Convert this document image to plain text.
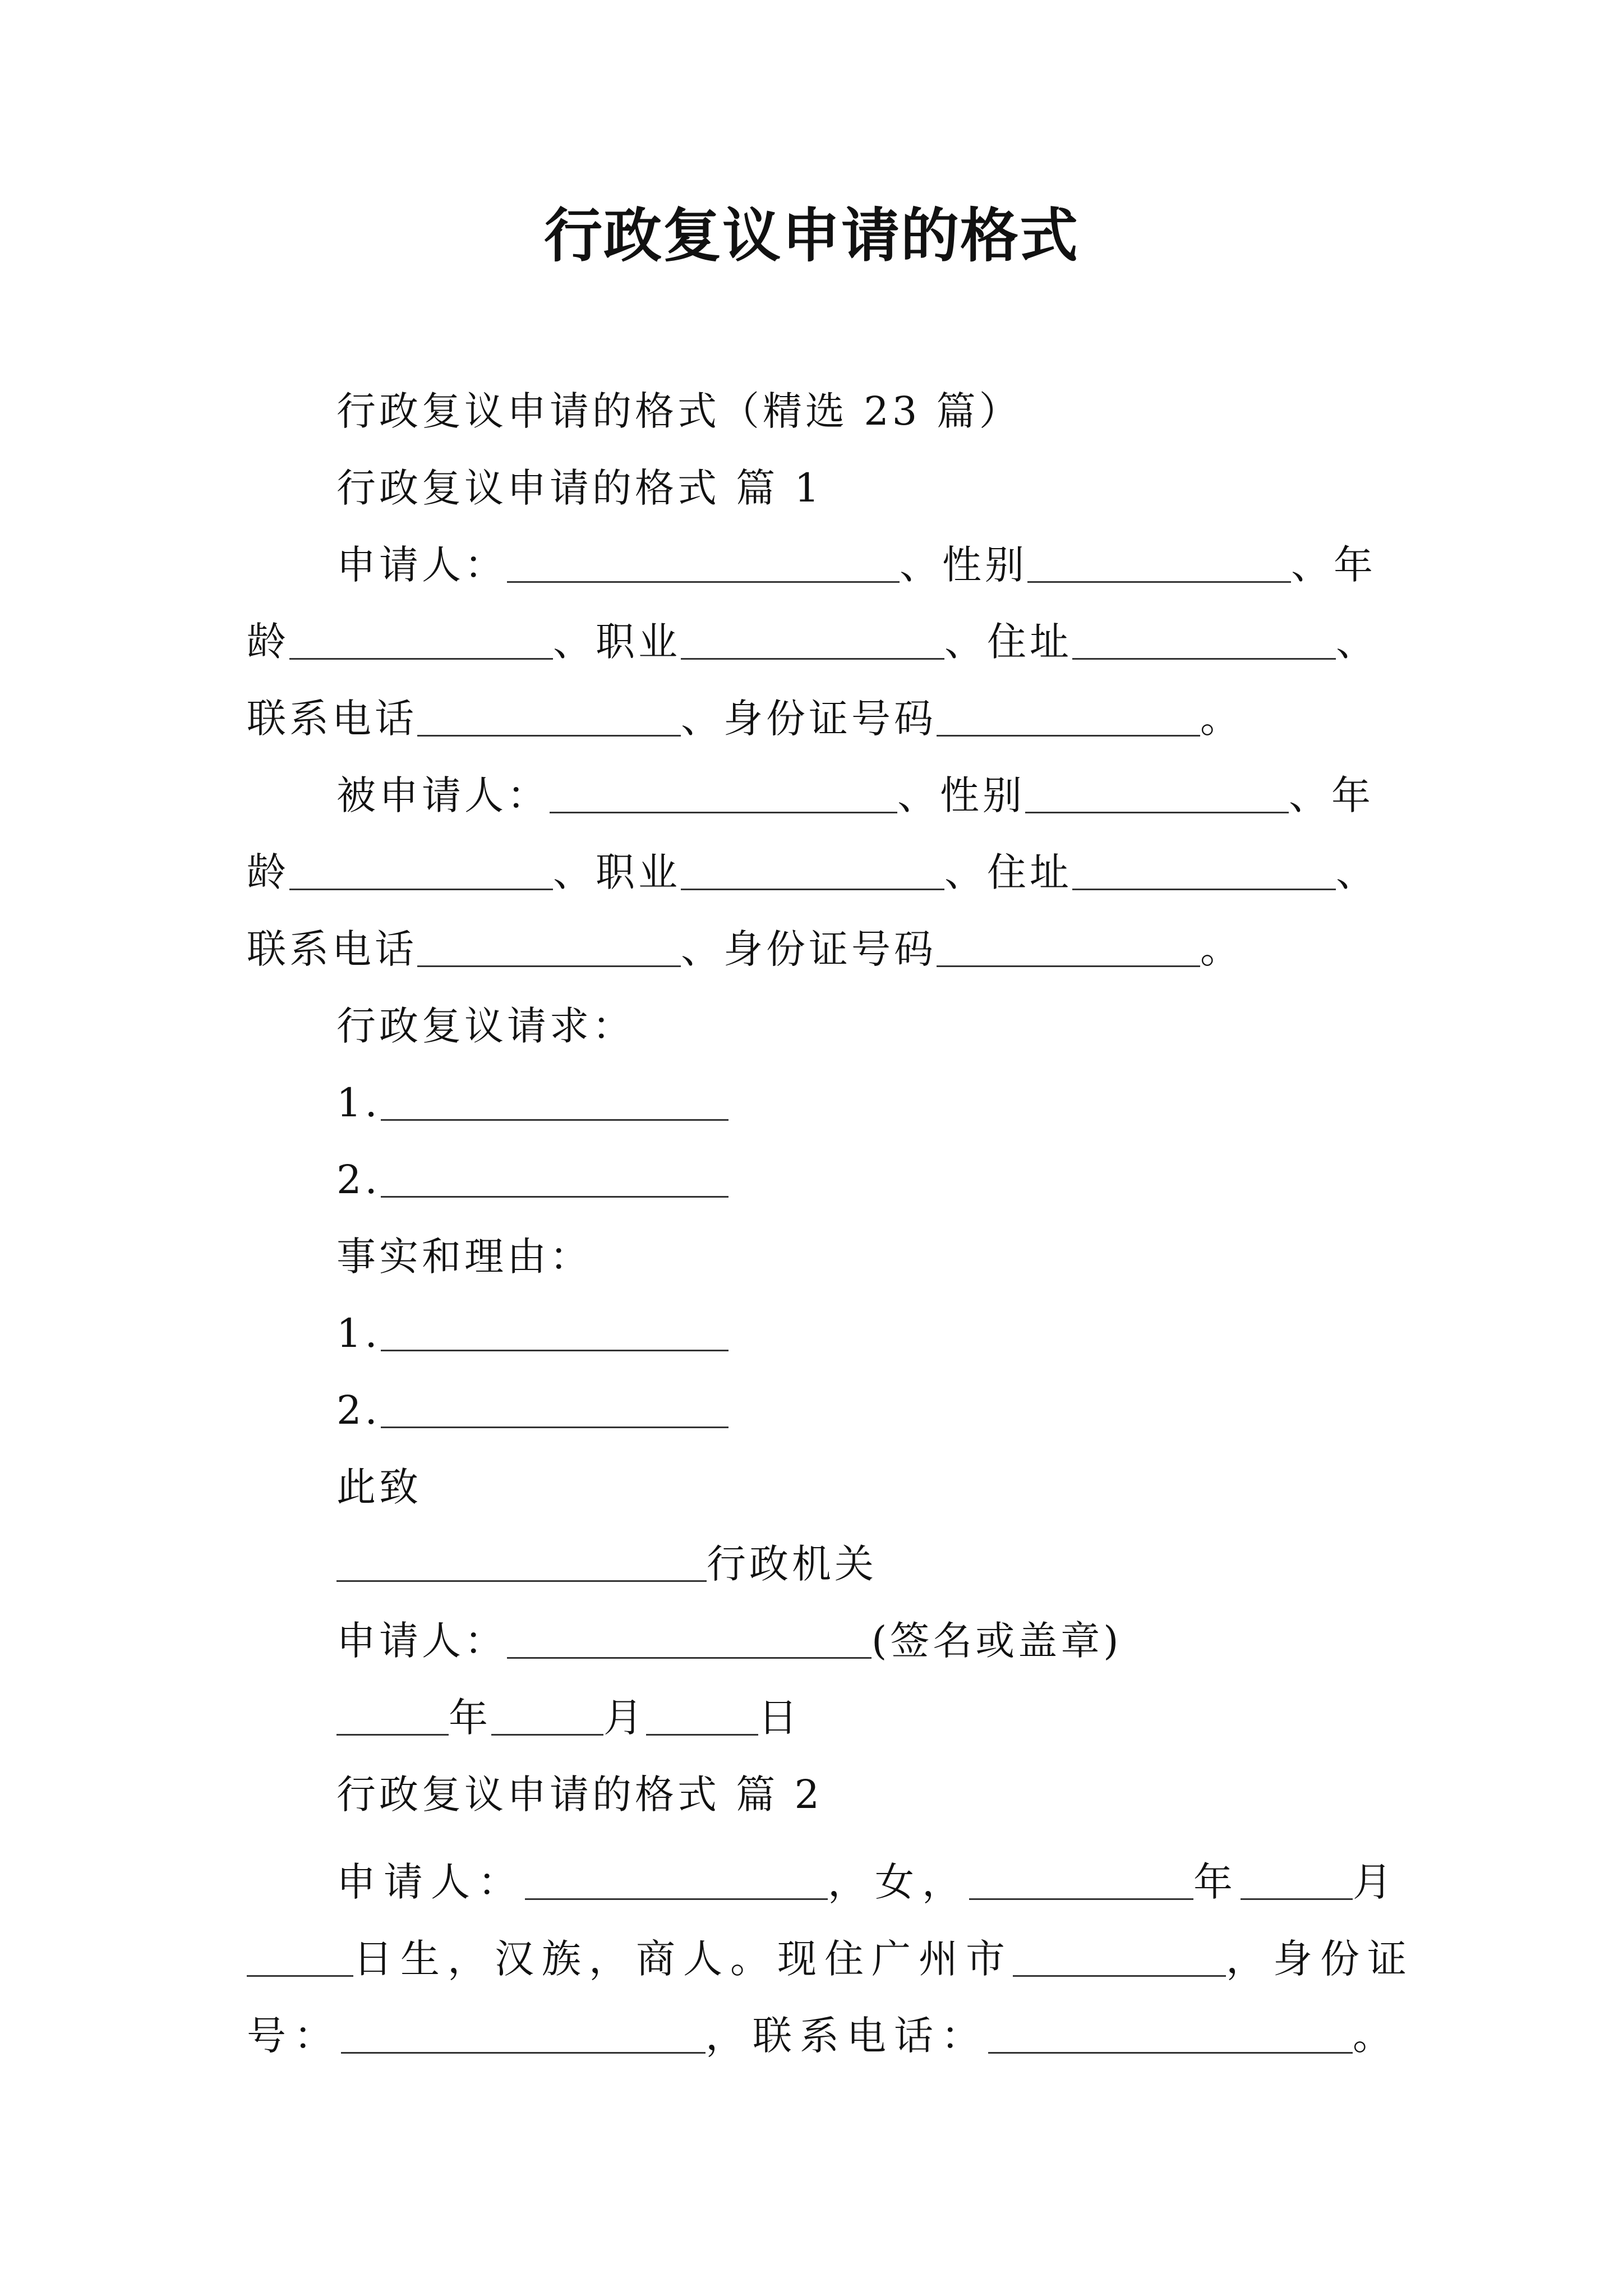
行政复议申请的格式
行政复议申请的格式（精选 23 篇）
行政复议申请的格式 篇 1
申请人：	、性别	、年
龄	、职业	、住址	、
联系电话	、身份证号码	。
被申请人：	、性别	、年
龄	、职业	、住址	、
联系电话	、身份证号码	。
行政复议请求：
1.
2.
事实和理由：
1.
2.
此致
行政机关
申请人：	(签名或盖章)
年	月	日
行政复议申请的格式 篇 2
申请人：	，女，	年	月
日生，汉族，商人。现住广州市	，身份证
号：	，联系电话：	。
